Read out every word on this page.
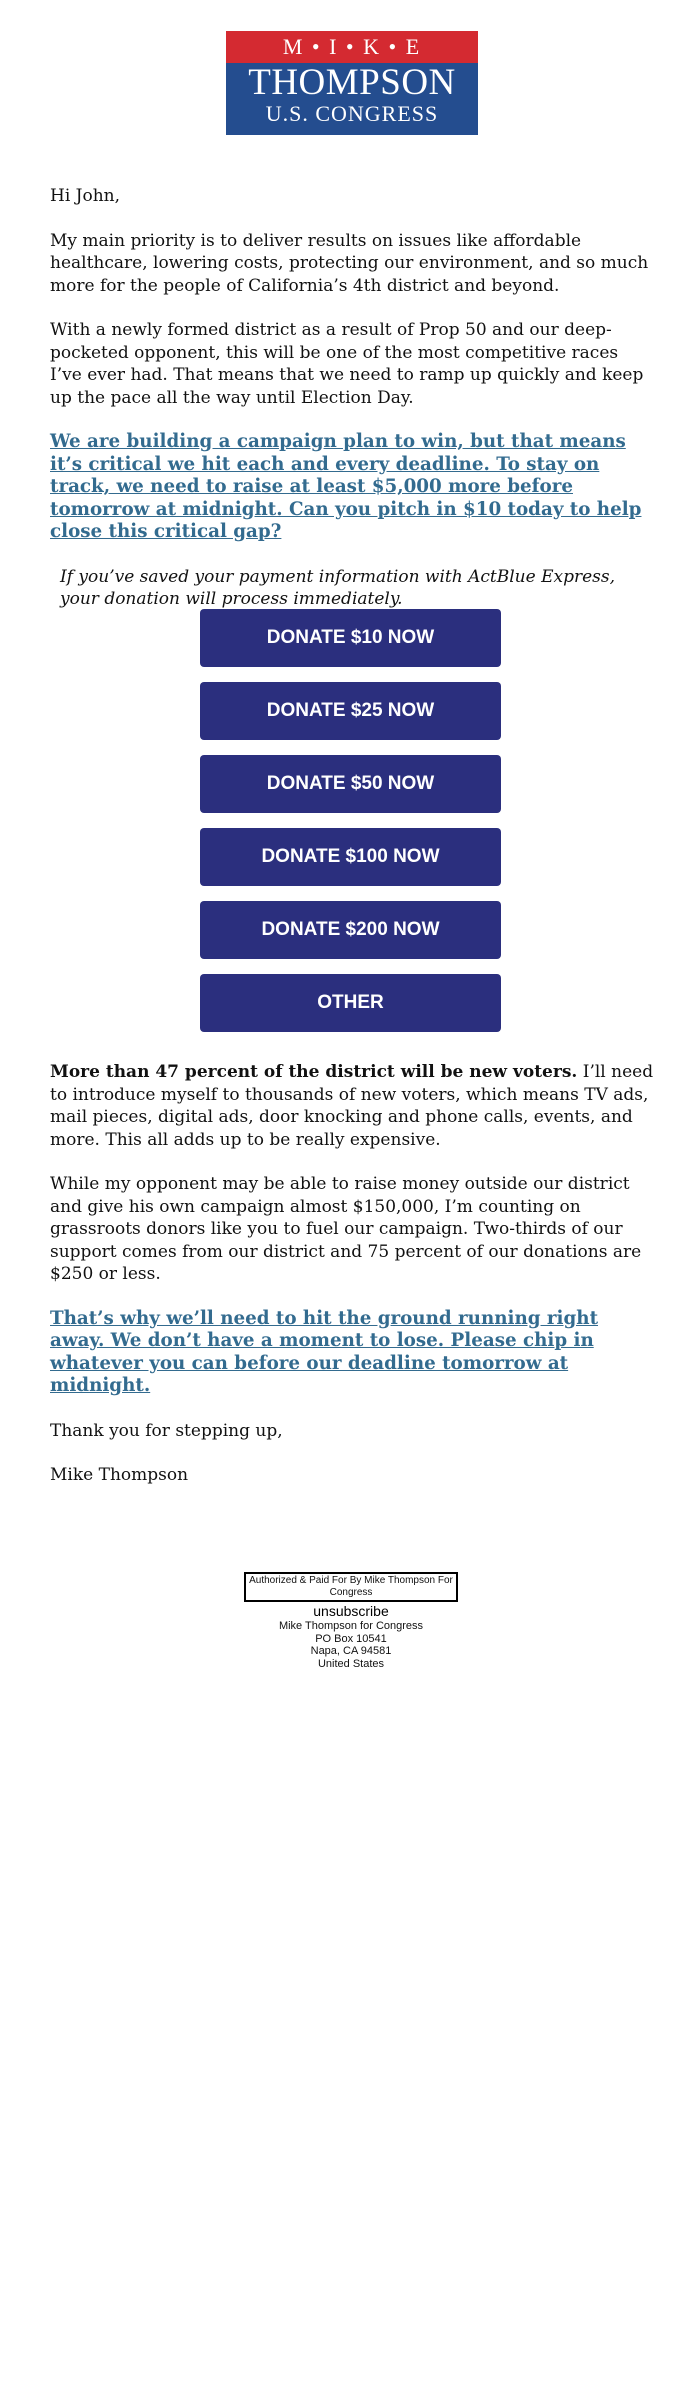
M • I • K • E
THOMPSON
U.S. CONGRESS

Hi John,

My main priority is to deliver results on issues like affordable healthcare, lowering costs, protecting our environment, and so much more for the people of California’s 4th district and beyond.

With a newly formed district as a result of Prop 50 and our deep-pocketed opponent, this will be one of the most competitive races I’ve ever had. That means that we need to ramp up quickly and keep up the pace all the way until Election Day.

We are building a campaign plan to win, but that means it’s critical we hit each and every deadline. To stay on track, we need to raise at least $5,000 more before tomorrow at midnight. Can you pitch in $10 today to help close this critical gap?

If you’ve saved your payment information with ActBlue Express, your donation will process immediately.

DONATE $10 NOW
DONATE $25 NOW
DONATE $50 NOW
DONATE $100 NOW
DONATE $200 NOW
OTHER

More than 47 percent of the district will be new voters. I’ll need to introduce myself to thousands of new voters, which means TV ads, mail pieces, digital ads, door knocking and phone calls, events, and more. This all adds up to be really expensive.

While my opponent may be able to raise money outside our district and give his own campaign almost $150,000, I’m counting on grassroots donors like you to fuel our campaign. Two-thirds of our support comes from our district and 75 percent of our donations are $250 or less.

That’s why we’ll need to hit the ground running right away. We don’t have a moment to lose. Please chip in whatever you can before our deadline tomorrow at midnight.

Thank you for stepping up,

Mike Thompson

Authorized & Paid For By Mike Thompson For Congress
unsubscribe
Mike Thompson for Congress
PO Box 10541
Napa, CA 94581
United States
